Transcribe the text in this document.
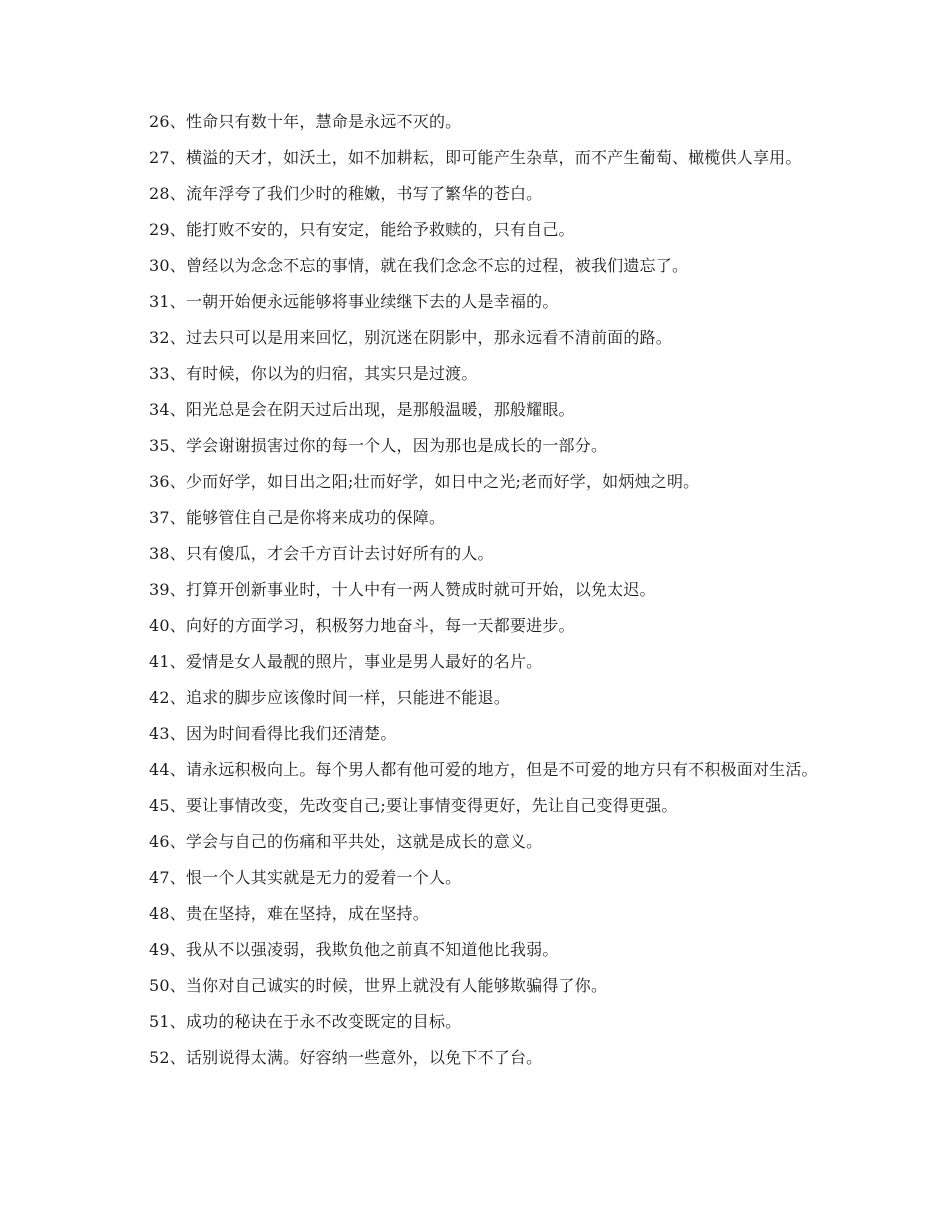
26、性命只有数十年，慧命是永远不灭的。

27、横溢的天才，如沃土，如不加耕耘，即可能产生杂草，而不产生葡萄、橄榄供人享用。

28、流年浮夸了我们少时的稚嫩，书写了繁华的苍白。

29、能打败不安的，只有安定，能给予救赎的，只有自己。

30、曾经以为念念不忘的事情，就在我们念念不忘的过程，被我们遗忘了。

31、一朝开始便永远能够将事业续继下去的人是幸福的。

32、过去只可以是用来回忆，别沉迷在阴影中，那永远看不清前面的路。

33、有时候，你以为的归宿，其实只是过渡。

34、阳光总是会在阴天过后出现，是那般温暖，那般耀眼。

35、学会谢谢损害过你的每一个人，因为那也是成长的一部分。

36、少而好学，如日出之阳;壮而好学，如日中之光;老而好学，如炳烛之明。

37、能够管住自己是你将来成功的保障。

38、只有傻瓜，才会千方百计去讨好所有的人。

39、打算开创新事业时，十人中有一两人赞成时就可开始，以免太迟。

40、向好的方面学习，积极努力地奋斗，每一天都要进步。

41、爱情是女人最靓的照片，事业是男人最好的名片。

42、追求的脚步应该像时间一样，只能进不能退。

43、因为时间看得比我们还清楚。

44、请永远积极向上。每个男人都有他可爱的地方，但是不可爱的地方只有不积极面对生活。

45、要让事情改变，先改变自己;要让事情变得更好，先让自己变得更强。

46、学会与自己的伤痛和平共处，这就是成长的意义。

47、恨一个人其实就是无力的爱着一个人。

48、贵在坚持，难在坚持，成在坚持。

49、我从不以强凌弱，我欺负他之前真不知道他比我弱。

50、当你对自己诚实的时候，世界上就没有人能够欺骗得了你。

51、成功的秘诀在于永不改变既定的目标。

52、话别说得太满。好容纳一些意外，以免下不了台。
